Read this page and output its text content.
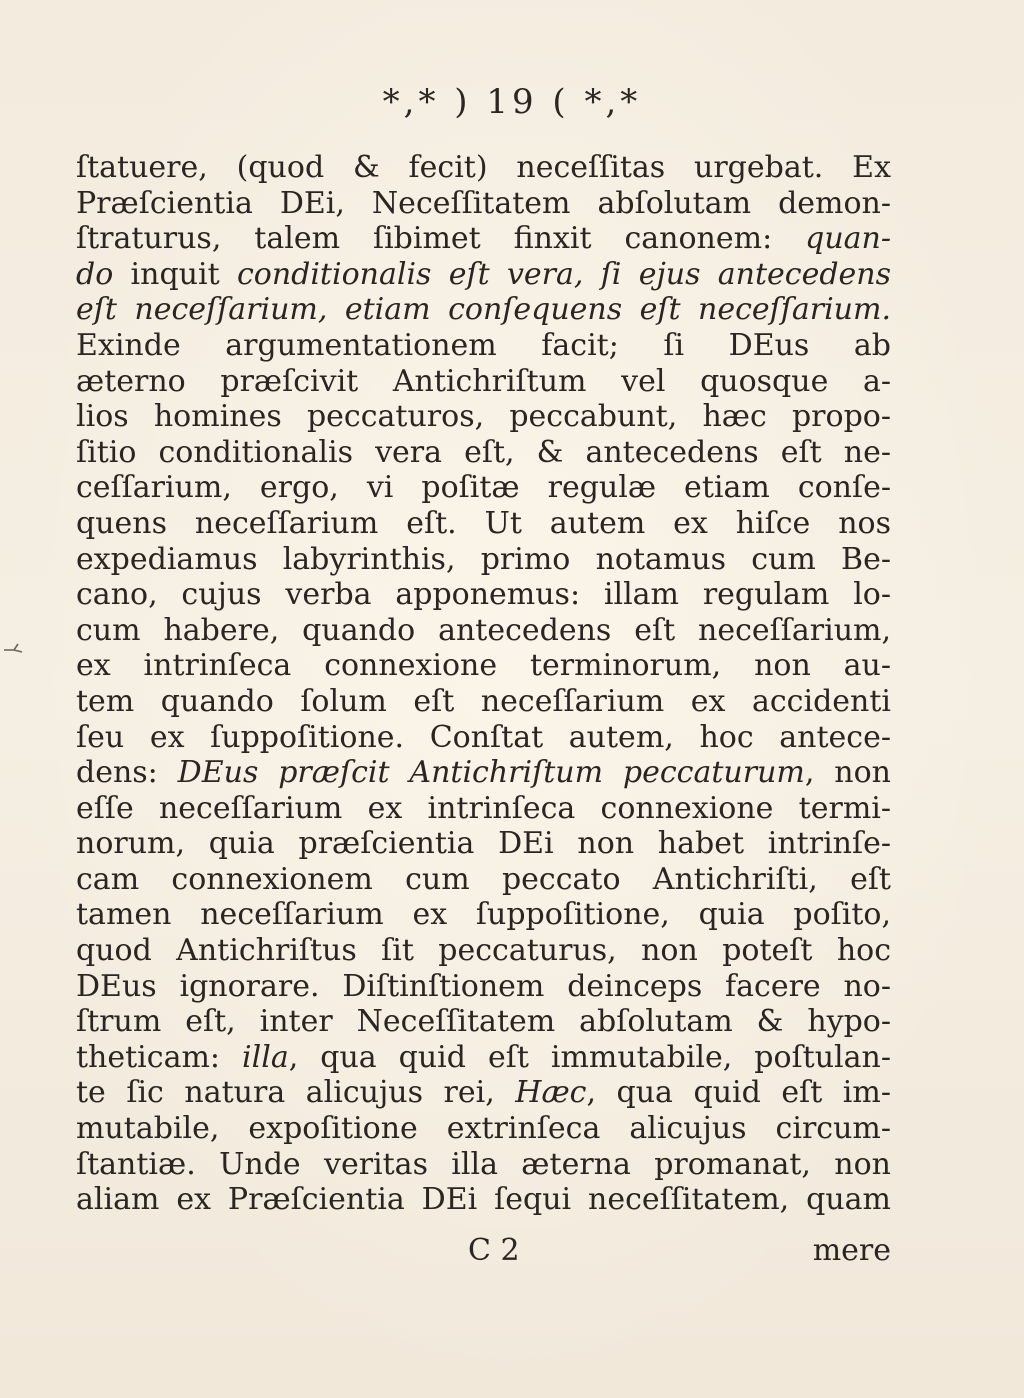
*,* ) 19 ( *,*
ſtatuere, (quod & fecit) neceſſitas urgebat. Ex
Præſcientia DEi, Neceſſitatem abſolutam demon-
ſtraturus, talem ſibimet finxit canonem: quan-
do inquit conditionalis eſt vera, ſi ejus antecedens
eſt neceſſarium, etiam conſequens eſt neceſſarium.
Exinde argumentationem facit; ſi DEus ab
æterno præſcivit Antichriſtum vel quosque a-
lios homines peccaturos, peccabunt, hæc propo-
ſitio conditionalis vera eſt, & antecedens eſt ne-
ceſſarium, ergo, vi poſitæ regulæ etiam conſe-
quens neceſſarium eſt. Ut autem ex hiſce nos
expediamus labyrinthis, primo notamus cum Be-
cano, cujus verba apponemus: illam regulam lo-
cum habere, quando antecedens eſt neceſſarium,
ex intrinſeca connexione terminorum, non au-
tem quando ſolum eſt neceſſarium ex accidenti
ſeu ex ſuppoſitione. Conſtat autem, hoc antece-
dens: DEus præſcit Antichriſtum peccaturum, non
eſſe neceſſarium ex intrinſeca connexione termi-
norum, quia præſcientia DEi non habet intrinſe-
cam connexionem cum peccato Antichriſti, eſt
tamen neceſſarium ex ſuppoſitione, quia poſito,
quod Antichriſtus ſit peccaturus, non poteſt hoc
DEus ignorare. Diſtinſtionem deinceps facere no-
ſtrum eſt, inter Neceſſitatem abſolutam & hypo-
theticam: illa, qua quid eſt immutabile, poſtulan-
te ſic natura alicujus rei, Hæc, qua quid eſt im-
mutabile, expoſitione extrinſeca alicujus circum-
ſtantiæ. Unde veritas illa æterna promanat, non
aliam ex Præſcientia DEi ſequi neceſſitatem, quam
C 2	mere
